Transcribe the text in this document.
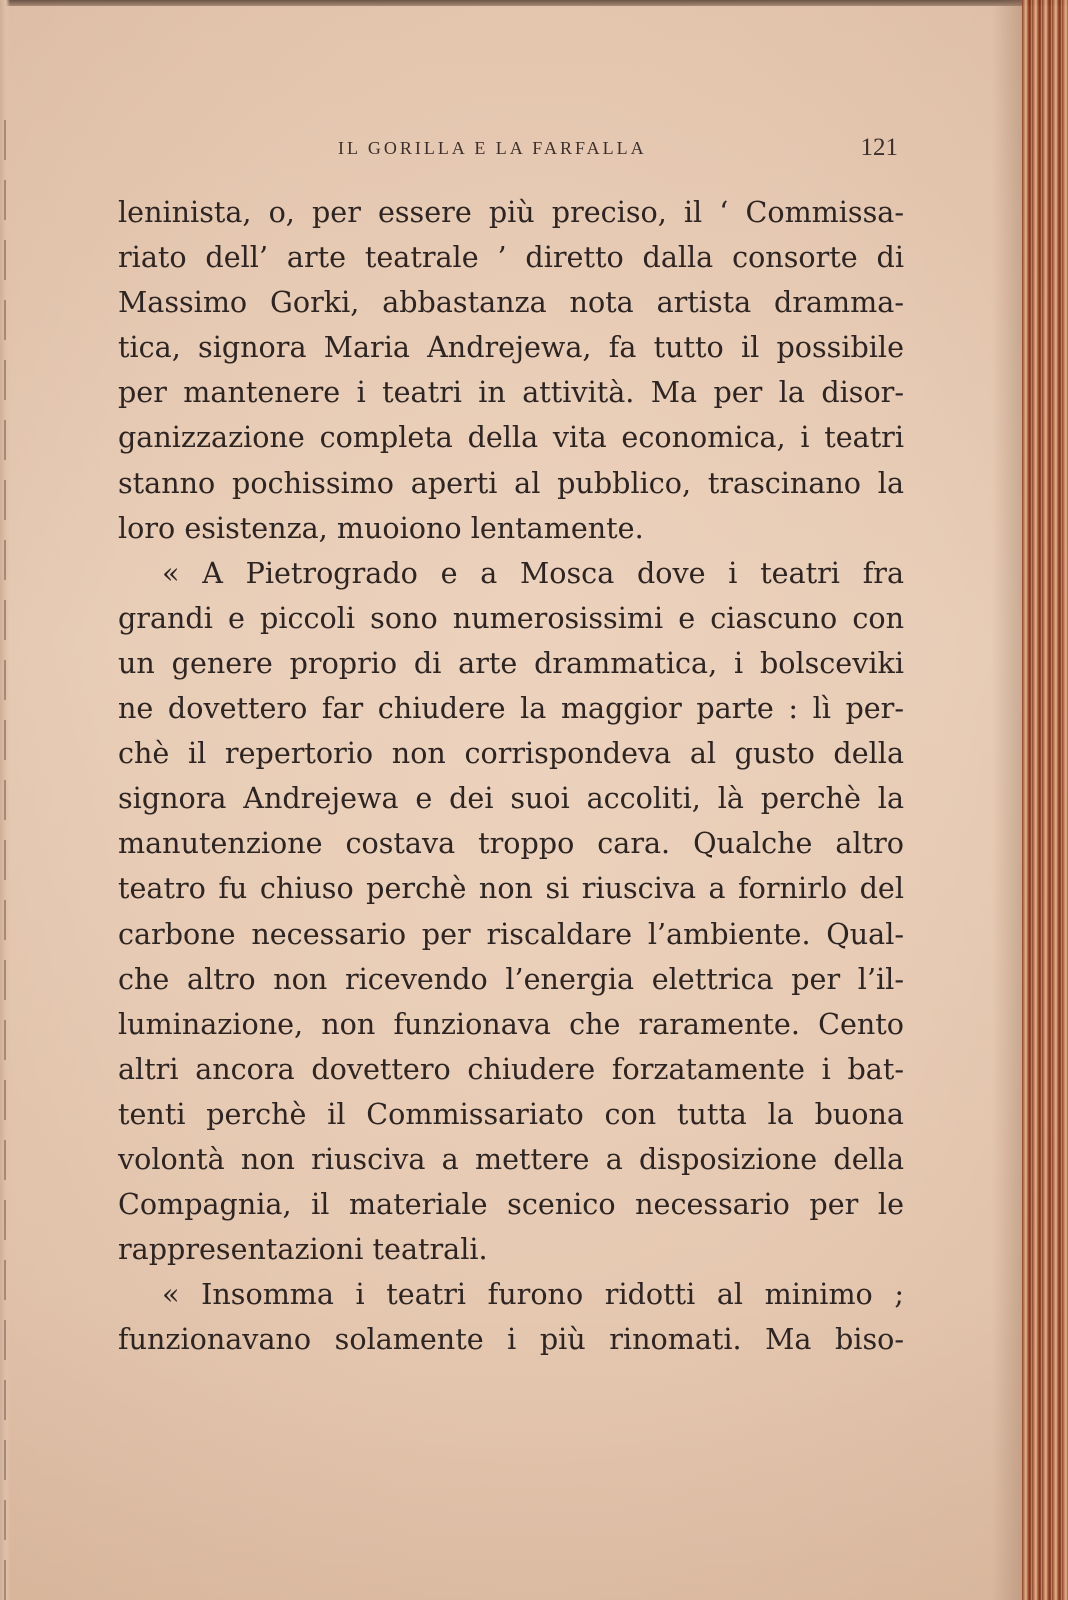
IL GORILLA E LA FARFALLA	121
leninista, o, per essere più preciso, il ‘ Commissa-
riato dell’ arte teatrale ’ diretto dalla consorte di
Massimo Gorki, abbastanza nota artista dramma-
tica, signora Maria Andrejewa, fa tutto il possibile
per mantenere i teatri in attività. Ma per la disor-
ganizzazione completa della vita economica, i teatri
stanno pochissimo aperti al pubblico, trascinano la
loro esistenza, muoiono lentamente.
« A Pietrogrado e a Mosca dove i teatri fra
grandi e piccoli sono numerosissimi e ciascuno con
un genere proprio di arte drammatica, i bolsceviki
ne dovettero far chiudere la maggior parte : lì per-
chè il repertorio non corrispondeva al gusto della
signora Andrejewa e dei suoi accoliti, là perchè la
manutenzione costava troppo cara. Qualche altro
teatro fu chiuso perchè non si riusciva a fornirlo del
carbone necessario per riscaldare l’ambiente. Qual-
che altro non ricevendo l’energia elettrica per l’il-
luminazione, non funzionava che raramente. Cento
altri ancora dovettero chiudere forzatamente i bat-
tenti perchè il Commissariato con tutta la buona
volontà non riusciva a mettere a disposizione della
Compagnia, il materiale scenico necessario per le
rappresentazioni teatrali.
« Insomma i teatri furono ridotti al minimo ;
funzionavano solamente i più rinomati. Ma biso-
